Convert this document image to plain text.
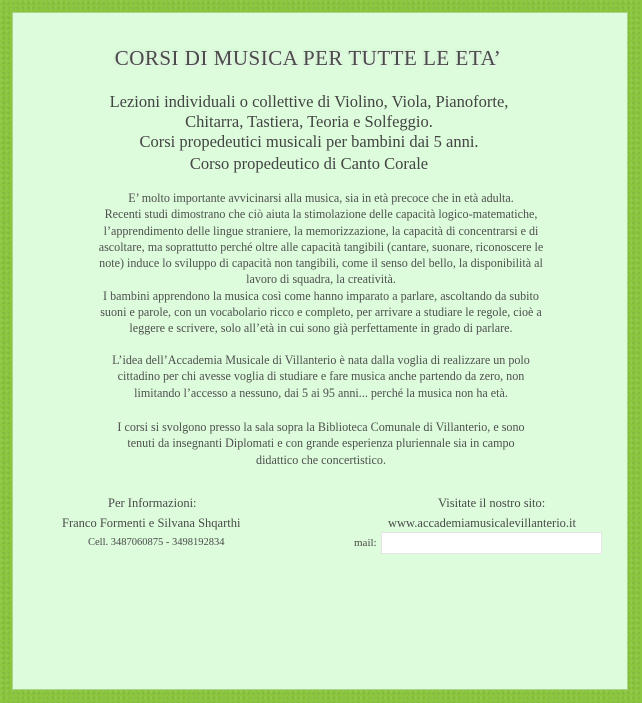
CORSI DI MUSICA PER TUTTE LE ETA’
Lezioni individuali o collettive di Violino, Viola, Pianoforte,
Chitarra, Tastiera, Teoria e Solfeggio.
Corsi propedeutici musicali per bambini dai 5 anni.
Corso propedeutico di Canto Corale
E’ molto importante avvicinarsi alla musica, sia in età precoce che in età adulta.
Recenti studi dimostrano che ciò aiuta la stimolazione delle capacità logico-matematiche,
l’apprendimento delle lingue straniere, la memorizzazione, la capacità di concentrarsi e di
ascoltare, ma soprattutto perché oltre alle capacità tangibili (cantare, suonare, riconoscere le
note) induce lo sviluppo di capacità non tangibili, come il senso del bello, la disponibilità al
lavoro di squadra, la creatività.
I bambini apprendono la musica così come hanno imparato a parlare, ascoltando da subito
suoni e parole, con un vocabolario ricco e completo, per arrivare a studiare le regole, cioè a
leggere e scrivere, solo all’età in cui sono già perfettamente in grado di parlare.
L’idea dell’Accademia Musicale di Villanterio è nata dalla voglia di realizzare un polo
cittadino per chi avesse voglia di studiare e fare musica anche partendo da zero, non
limitando l’accesso a nessuno, dai 5 ai 95 anni... perché la musica non ha età.
I corsi si svolgono presso la sala sopra la Biblioteca Comunale di Villanterio, e sono
tenuti da insegnanti Diplomati e con grande esperienza pluriennale sia in campo
didattico che concertistico.
Per Informazioni:
Franco Formenti e Silvana Shqarthi
Cell. 3487060875 - 3498192834
Visitate il nostro sito:
www.accademiamusicalevillanterio.it
mail:
